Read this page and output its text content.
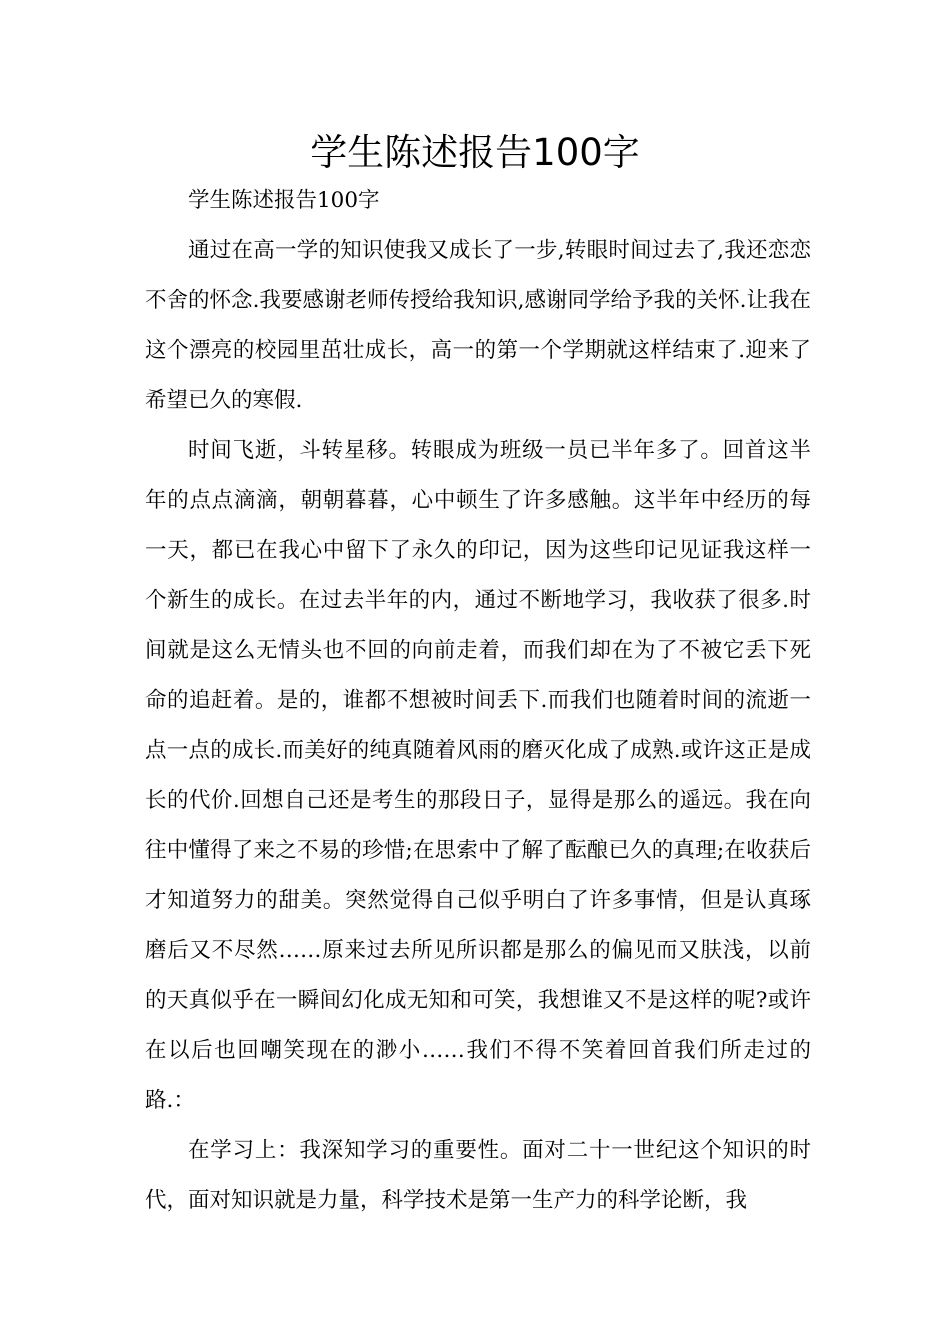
学生陈述报告100字

学生陈述报告100字

通过在高一学的知识使我又成长了一步,转眼时间过去了,我还恋恋不舍的怀念.我要感谢老师传授给我知识,感谢同学给予我的关怀.让我在这个漂亮的校园里茁壮成长，高一的第一个学期就这样结束了.迎来了希望已久的寒假.

时间飞逝，斗转星移。转眼成为班级一员已半年多了。回首这半年的点点滴滴，朝朝暮暮，心中顿生了许多感触。这半年中经历的每一天，都已在我心中留下了永久的印记，因为这些印记见证我这样一个新生的成长。在过去半年的内，通过不断地学习，我收获了很多.时间就是这么无情头也不回的向前走着，而我们却在为了不被它丢下死命的追赶着。是的，谁都不想被时间丢下.而我们也随着时间的流逝一点一点的成长.而美好的纯真随着风雨的磨灭化成了成熟.或许这正是成长的代价.回想自己还是考生的那段日子，显得是那么的遥远。我在向往中懂得了来之不易的珍惜;在思索中了解了酝酿已久的真理;在收获后才知道努力的甜美。突然觉得自己似乎明白了许多事情，但是认真琢磨后又不尽然……原来过去所见所识都是那么的偏见而又肤浅，以前的天真似乎在一瞬间幻化成无知和可笑，我想谁又不是这样的呢?或许在以后也回嘲笑现在的渺小……我们不得不笑着回首我们所走过的路.：

在学习上：我深知学习的重要性。面对二十一世纪这个知识的时代，面对知识就是力量，科学技术是第一生产力的科学论断，我
